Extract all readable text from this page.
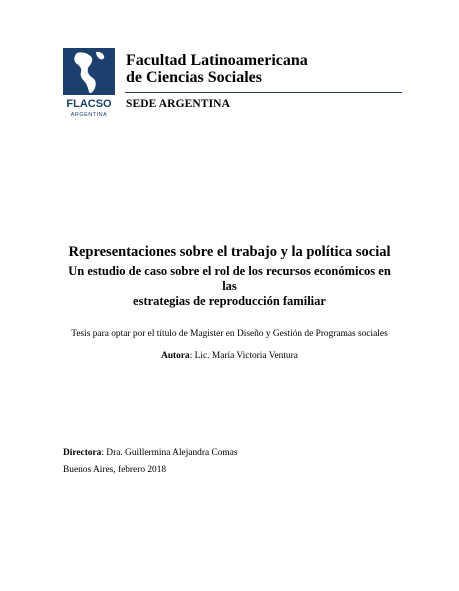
FLACSO
ARGENTINA
Facultad Latinoamericana
de Ciencias Sociales
SEDE ARGENTINA
Representaciones sobre el trabajo y la política social
Un estudio de caso sobre el rol de los recursos económicos en las
estrategias de reproducción familiar
Tesis para optar por el título de Magister en Diseño y Gestión de Programas sociales
Autora: Lic. María Victoria Ventura
Directora: Dra. Guillermina Alejandra Comas
Buenos Aires, febrero 2018
